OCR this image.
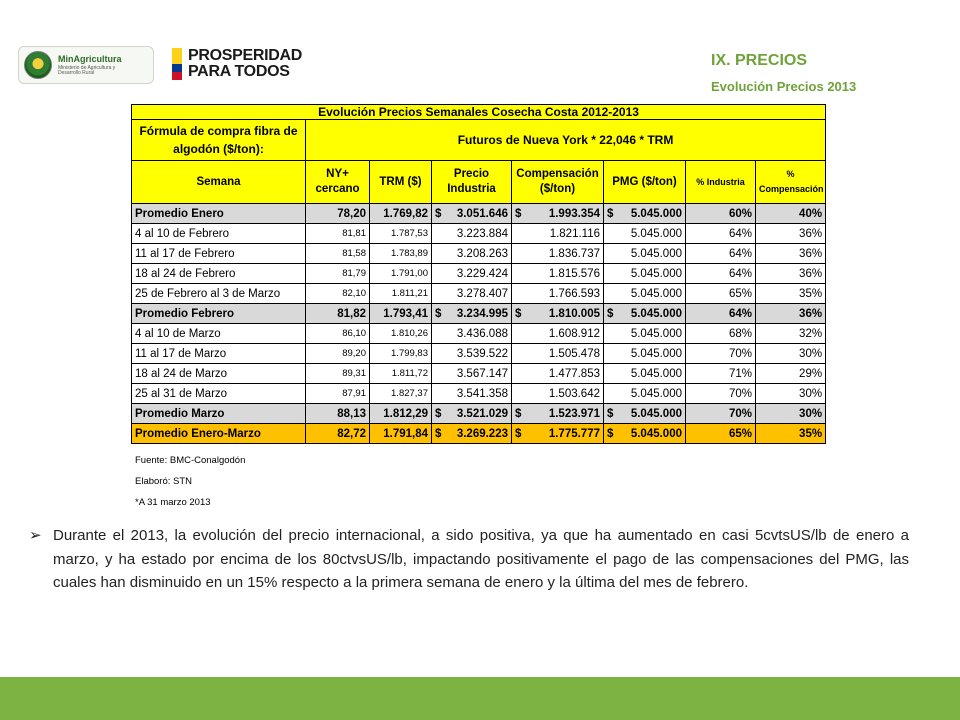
MinAgricultura
Ministerio de Agricultura y Desarrollo Rural
PROSPERIDAD
PARA TODOS
IX. PRECIOS
Evolución Precios 2013
Evolución Precios Semanales Cosecha Costa 2012-2013							
Fórmula de compra fibra de algodón ($/ton):	Futuros de Nueva York * 22,046 * TRM						
Semana	NY+ cercano	TRM ($)	Precio Industria	Compensación ($/ton)	PMG ($/ton)	% Industria	% Compensación
Promedio Enero	78,20	1.769,82	$ 3.051.646	$ 1.993.354	$ 5.045.000	60%	40%
4 al 10 de Febrero	81,81	1.787,53	3.223.884	1.821.116	5.045.000	64%	36%
11 al 17 de Febrero	81,58	1.783,89	3.208.263	1.836.737	5.045.000	64%	36%
18 al 24 de Febrero	81,79	1.791,00	3.229.424	1.815.576	5.045.000	64%	36%
25 de Febrero al 3 de Marzo	82,10	1.811,21	3.278.407	1.766.593	5.045.000	65%	35%
Promedio Febrero	81,82	1.793,41	$ 3.234.995	$ 1.810.005	$ 5.045.000	64%	36%
4 al 10 de Marzo	86,10	1.810,26	3.436.088	1.608.912	5.045.000	68%	32%
11 al 17 de Marzo	89,20	1.799,83	3.539.522	1.505.478	5.045.000	70%	30%
18 al 24 de Marzo	89,31	1.811,72	3.567.147	1.477.853	5.045.000	71%	29%
25 al 31 de Marzo	87,91	1.827,37	3.541.358	1.503.642	5.045.000	70%	30%
Promedio Marzo	88,13	1.812,29	$ 3.521.029	$ 1.523.971	$ 5.045.000	70%	30%
Promedio Enero-Marzo	82,72	1.791,84	$ 3.269.223	$ 1.775.777	$ 5.045.000	65%	35%
Fuente: BMC-Conalgodón
Elaboró: STN
*A 31 marzo 2013
➢ Durante el 2013, la evolución del precio internacional, a sido positiva, ya que ha aumentado en casi 5cvtsUS/lb de enero a marzo, y ha estado por encima de los 80ctvsUS/lb, impactando positivamente el pago de las compensaciones del PMG, las cuales han disminuido en un 15% respecto a la primera semana de enero y la última del mes de febrero.
